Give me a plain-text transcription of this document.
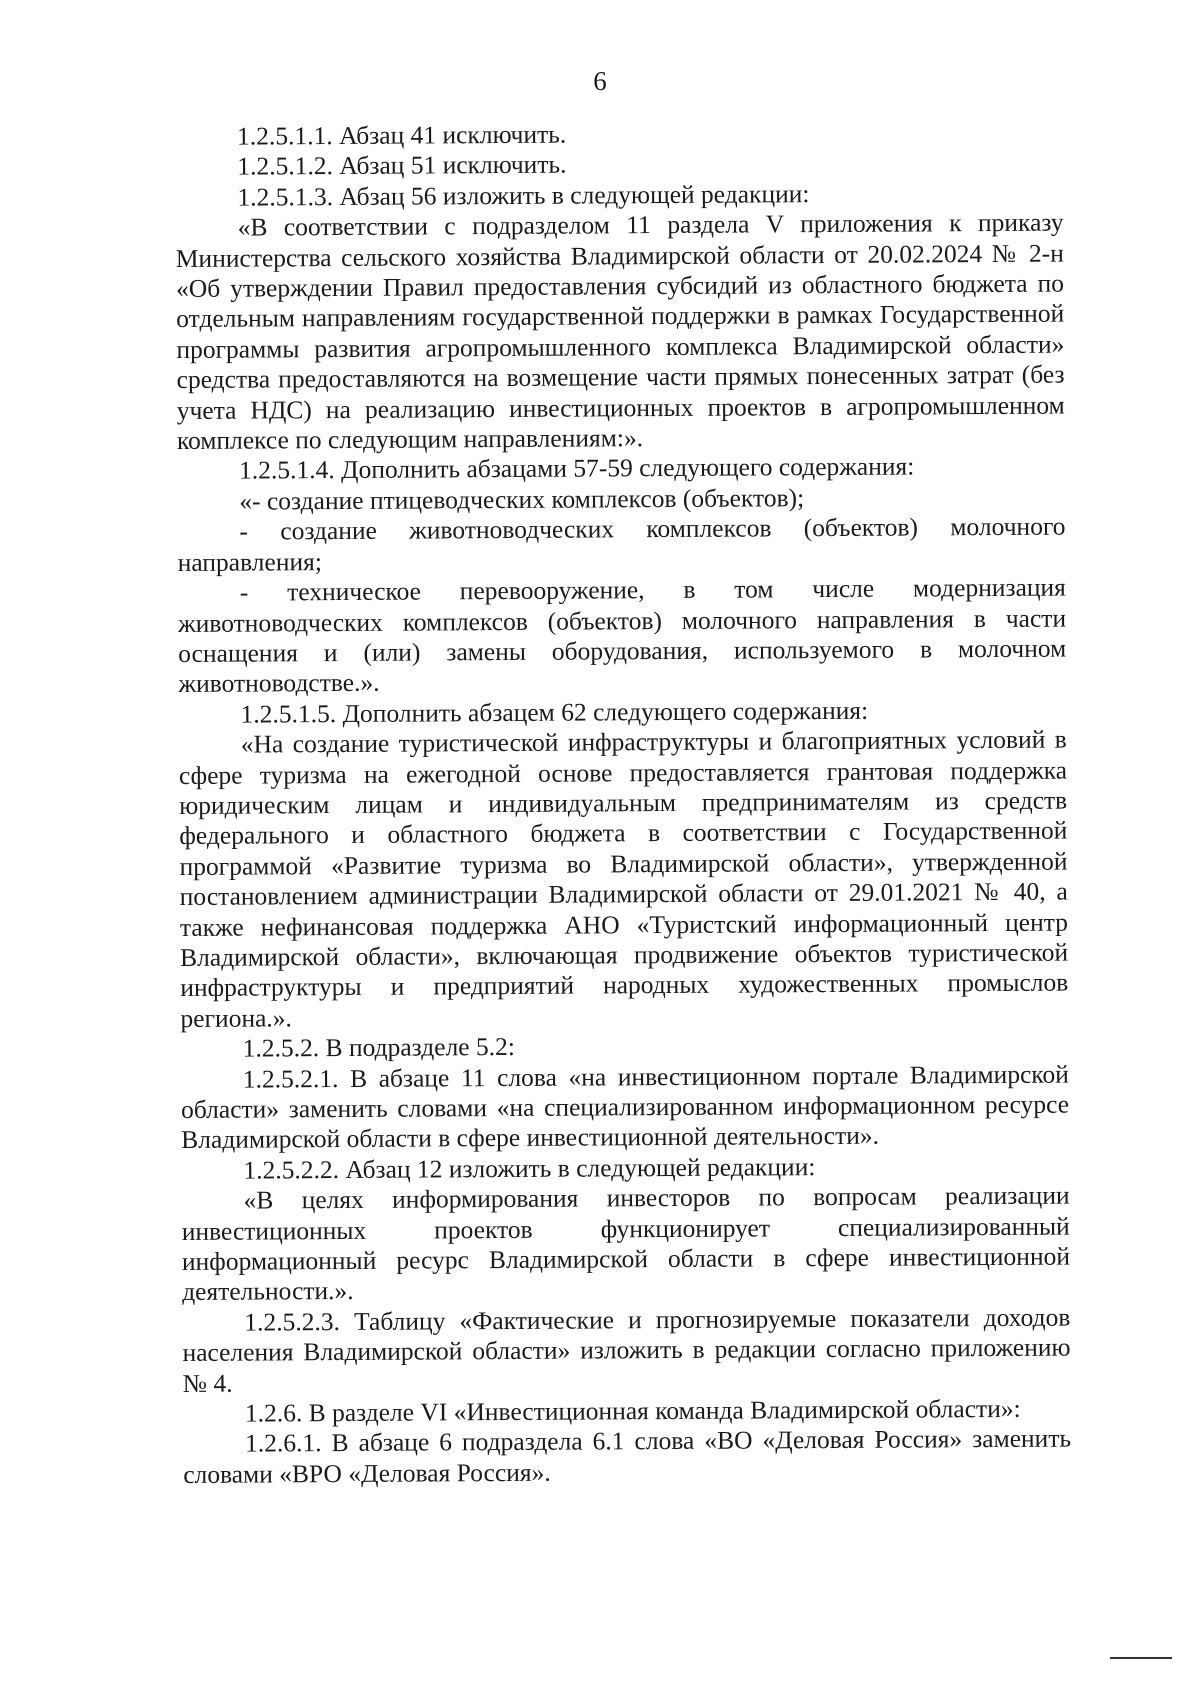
6

1.2.5.1.1. Абзац 41 исключить.

1.2.5.1.2. Абзац 51 исключить.

1.2.5.1.3. Абзац 56 изложить в следующей редакции:

«В соответствии с подразделом 11 раздела V приложения к приказу Министерства сельского хозяйства Владимирской области от 20.02.2024 № 2-н «Об утверждении Правил предоставления субсидий из областного бюджета по отдельным направлениям государственной поддержки в рамках Государственной программы развития агропромышленного комплекса Владимирской области» средства предоставляются на возмещение части прямых понесенных затрат (без учета НДС) на реализацию инвестиционных проектов в агропромышленном комплексе по следующим направлениям:».

1.2.5.1.4. Дополнить абзацами 57-59 следующего содержания:

«- создание птицеводческих комплексов (объектов);

- создание животноводческих комплексов (объектов) молочного направления;

- техническое перевооружение, в том числе модернизация животноводческих комплексов (объектов) молочного направления в части оснащения и (или) замены оборудования, используемого в молочном животноводстве.».

1.2.5.1.5. Дополнить абзацем 62 следующего содержания:

«На создание туристической инфраструктуры и благоприятных условий в сфере туризма на ежегодной основе предоставляется грантовая поддержка юридическим лицам и индивидуальным предпринимателям из средств федерального и областного бюджета в соответствии с Государственной программой «Развитие туризма во Владимирской области», утвержденной постановлением администрации Владимирской области от 29.01.2021 № 40, а также нефинансовая поддержка АНО «Туристский информационный центр Владимирской области», включающая продвижение объектов туристической инфраструктуры и предприятий народных художественных промыслов региона.».

1.2.5.2. В подразделе 5.2:

1.2.5.2.1. В абзаце 11 слова «на инвестиционном портале Владимирской области» заменить словами «на специализированном информационном ресурсе Владимирской области в сфере инвестиционной деятельности».

1.2.5.2.2. Абзац 12 изложить в следующей редакции:

«В целях информирования инвесторов по вопросам реализации инвестиционных проектов функционирует специализированный информационный ресурс Владимирской области в сфере инвестиционной деятельности.».

1.2.5.2.3. Таблицу «Фактические и прогнозируемые показатели доходов населения Владимирской области» изложить в редакции согласно приложению № 4.

1.2.6. В разделе VI «Инвестиционная команда Владимирской области»:

1.2.6.1. В абзаце 6 подраздела 6.1 слова «ВО «Деловая Россия» заменить словами «ВРО «Деловая Россия».
